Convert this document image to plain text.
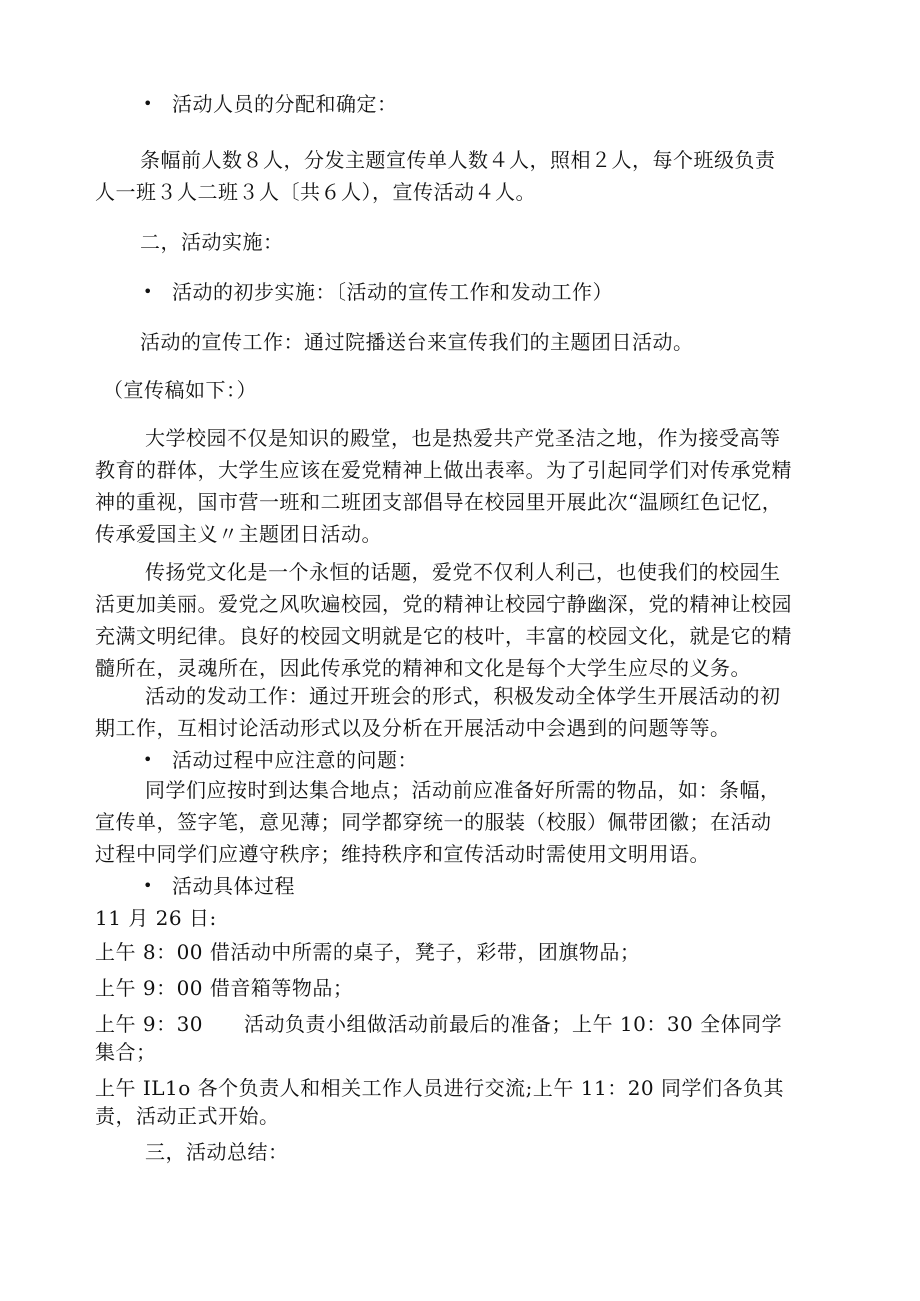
• 活动人员的分配和确定：
条幅前人数８人，分发主题宣传单人数４人，照相２人，每个班级负责
人一班３人二班３人〔共６人），宣传活动４人。
二，活动实施：
• 活动的初步实施：〔活动的宣传工作和发动工作）
活动的宣传工作：通过院播送台来宣传我们的主题团日活动。
（宣传稿如下：）
大学校园不仅是知识的殿堂，也是热爱共产党圣洁之地，作为接受高等
教育的群体，大学生应该在爱党精神上做出表率。为了引起同学们对传承党精
神的重视，国市营一班和二班团支部倡导在校园里开展此次“温顾红色记忆，
传承爱国主义〃主题团日活动。
传扬党文化是一个永恒的话题，爱党不仅利人利己，也使我们的校园生
活更加美丽。爱党之风吹遍校园，党的精神让校园宁静幽深，党的精神让校园
充满文明纪律。良好的校园文明就是它的枝叶，丰富的校园文化，就是它的精
髓所在，灵魂所在，因此传承党的精神和文化是每个大学生应尽的义务。
活动的发动工作：通过开班会的形式，积极发动全体学生开展活动的初
期工作，互相讨论活动形式以及分析在开展活动中会遇到的问题等等。
• 活动过程中应注意的问题：
同学们应按时到达集合地点；活动前应准备好所需的物品，如：条幅，
宣传单，签字笔，意见薄；同学都穿统一的服装（校服）佩带团徽；在活动
过程中同学们应遵守秩序；维持秩序和宣传活动时需使用文明用语。
• 活动具体过程
11 月 26 日:
上午 8：00 借活动中所需的桌子，凳子，彩带，团旗物品；
上午 9：00 借音箱等物品；
上午 9：30　　活动负责小组做活动前最后的准备；上午 10：30 全体同学
集合；
上午 IL1o 各个负责人和相关工作人员进行交流;上午 11：20 同学们各负其
责，活动正式开始。
三，活动总结：
